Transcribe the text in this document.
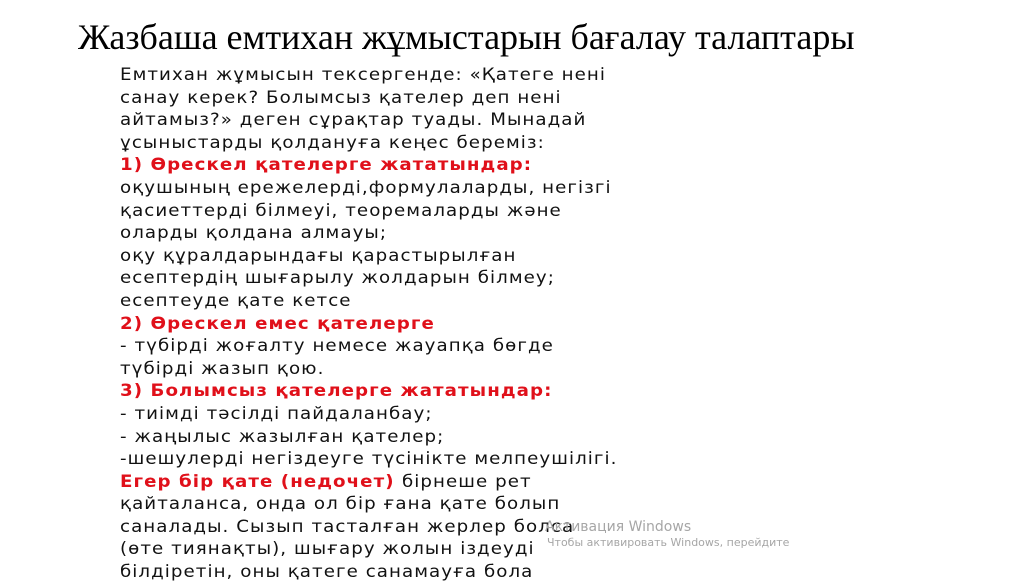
Жазбаша емтихан жұмыстарын бағалау талаптары
Емтихан жұмысын тексергенде: «Қатеге нені
санау керек? Болымсыз қателер деп нені
айтамыз?» деген сұрақтар туады. Мынадай
ұсыныстарды қолдануға кеңес береміз:
1) Өрескел қателерге жататындар:
оқушының ережелерді,формулаларды, негізгі
қасиеттерді білмеуі, теоремаларды және
оларды қолдана алмауы;
оқу құралдарындағы қарастырылған
есептердің шығарылу жолдарын білмеу;
есептеуде қате кетсе
2) Өрескел емес қателерге
- түбірді жоғалту немесе жауапқа бөгде
түбірді жазып қою.
3) Болымсыз қателерге жататындар:
- тиімді тәсілді пайдаланбау;
- жаңылыс жазылған қателер;
-шешулерді негіздеуге түсінікте мелпеушілігі.
Егер бір қате (недочет) бірнеше рет
қайталанса, онда ол бір ғана қате болып
саналады. Сызып тасталған жерлер болса
(өте тиянақты), шығару жолын іздеуді
білдіретін, оны қатеге санамауға бола
Активация Windows
Чтобы активировать Windows, перейдите
